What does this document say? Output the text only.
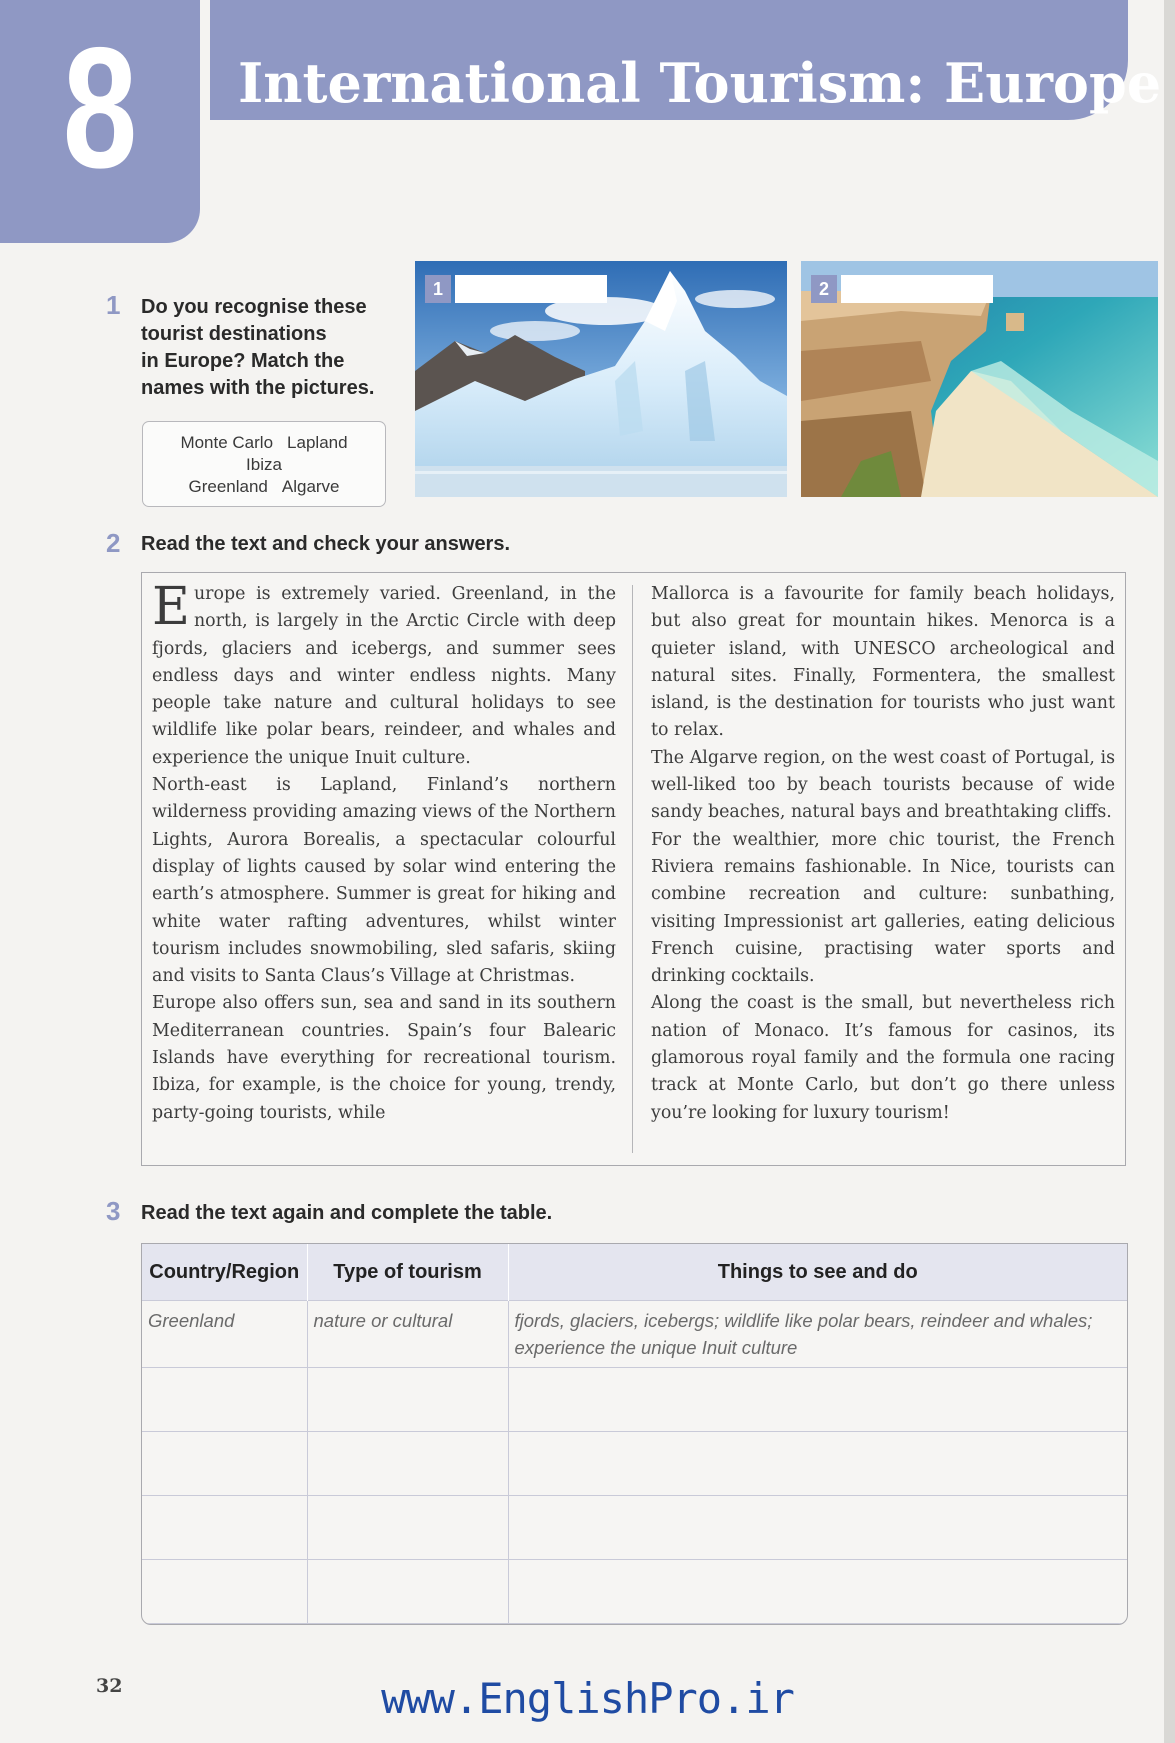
8	International Tourism: Europe
1 Do you recognise these
tourist destinations
in Europe? Match the
names with the pictures.
Monte Carlo Lapland
Ibiza
Greenland Algarve
1	2
2 Read the text and check your answers.

Europe is extremely varied. Greenland, in the north, is largely in the Arctic Circle with deep fjords, glaciers and icebergs, and summer sees endless days and winter endless nights. Many people take nature and cultural holidays to see wildlife like polar bears, reindeer, and whales and experience the unique Inuit culture.

North-east is Lapland, Finland’s northern wilderness providing amazing views of the Northern Lights, Aurora Borealis, a spectacular colourful display of lights caused by solar wind entering the earth’s atmosphere. Summer is great for hiking and white water rafting adventures, whilst winter tourism includes snowmobiling, sled safaris, skiing and visits to Santa Claus’s Village at Christmas.

Europe also offers sun, sea and sand in its southern Mediterranean countries. Spain’s four Balearic Islands have everything for recreational tourism. Ibiza, for example, is the choice for young, trendy, party-going tourists, while

Mallorca is a favourite for family beach holidays, but also great for mountain hikes. Menorca is a quieter island, with UNESCO archeological and natural sites. Finally, Formentera, the smallest island, is the destination for tourists who just want to relax.

The Algarve region, on the west coast of Portugal, is well-liked too by beach tourists because of wide sandy beaches, natural bays and breathtaking cliffs.

For the wealthier, more chic tourist, the French Riviera remains fashionable. In Nice, tourists can combine recreation and culture: sunbathing, visiting Impressionist art galleries, eating delicious French cuisine, practising water sports and drinking cocktails.

Along the coast is the small, but nevertheless rich nation of Monaco. It’s famous for casinos, its glamorous royal family and the formula one racing track at Monte Carlo, but don’t go there unless you’re looking for luxury tourism!

3 Read the text again and complete the table.
Country/Region	Type of tourism	Things to see and do
Greenland	nature or cultural	fjords, glaciers, icebergs; wildlife like polar bears, reindeer and whales;
experience the unique Inuit culture

32	www.EnglishPro.ir
